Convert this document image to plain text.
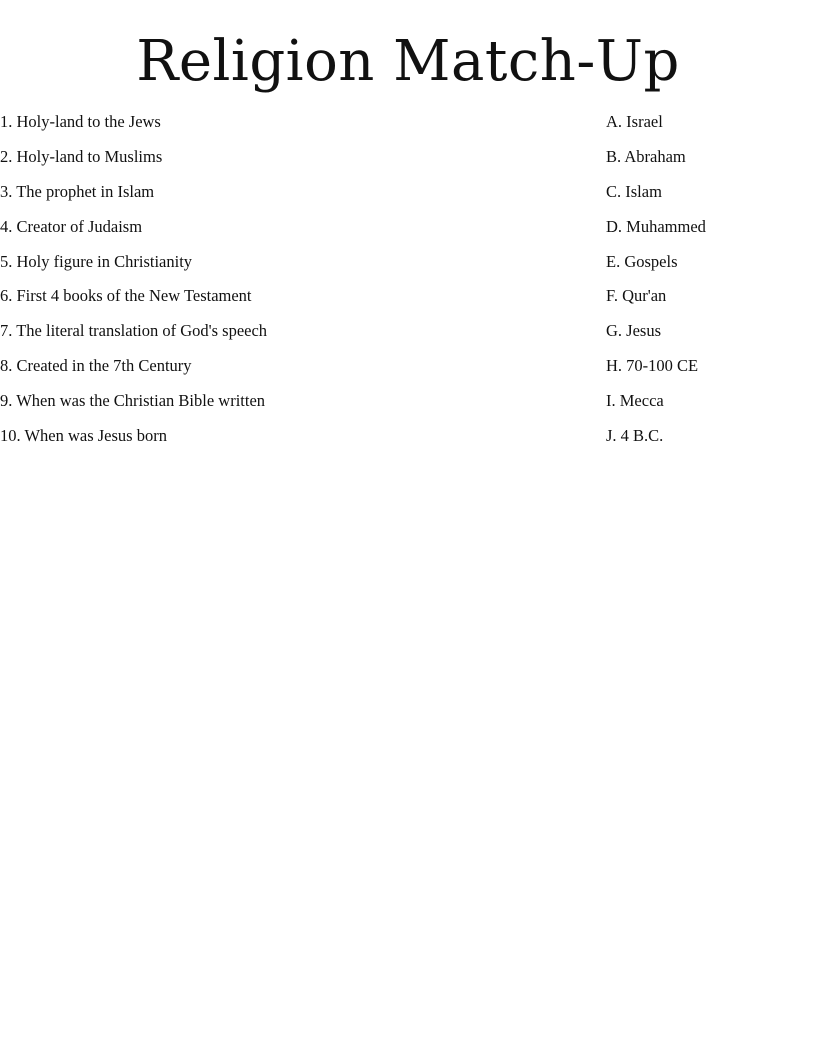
Religion Match-Up
1. Holy-land to the Jews
2. Holy-land to Muslims
3. The prophet in Islam
4. Creator of Judaism
5. Holy figure in Christianity
6. First 4 books of the New Testament
7. The literal translation of God's speech
8. Created in the 7th Century
9. When was the Christian Bible written
10. When was Jesus born
A. Israel
B. Abraham
C. Islam
D. Muhammed
E. Gospels
F. Qur'an
G. Jesus
H. 70-100 CE
I. Mecca
J. 4 B.C.
